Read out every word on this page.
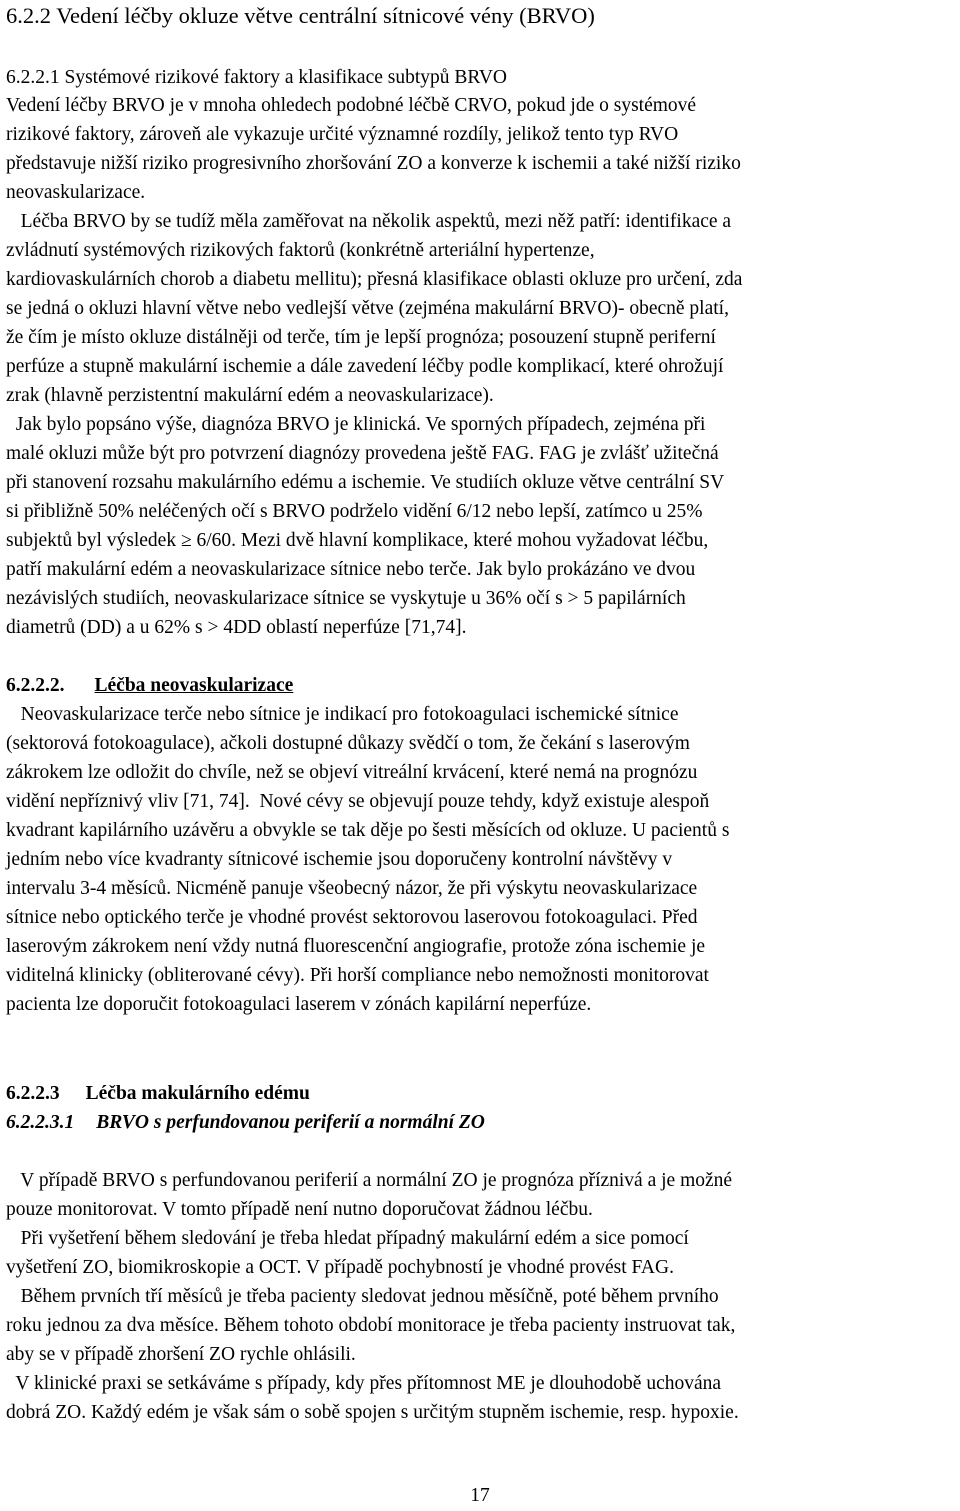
6.2.2 Vedení léčby okluze větve centrální sítnicové vény (BRVO)
6.2.2.1 Systémové rizikové faktory a klasifikace subtypů BRVO
Vedení léčby BRVO je v mnoha ohledech podobné léčbě CRVO, pokud jde o systémové
rizikové faktory, zároveň ale vykazuje určité významné rozdíly, jelikož tento typ RVO
představuje nižší riziko progresivního zhoršování ZO a konverze k ischemii a také nižší riziko
neovaskularizace.
Léčba BRVO by se tudíž měla zaměřovat na několik aspektů, mezi něž patří: identifikace a
zvládnutí systémových rizikových faktorů (konkrétně arteriální hypertenze,
kardiovaskulárních chorob a diabetu mellitu); přesná klasifikace oblasti okluze pro určení, zda
se jedná o okluzi hlavní větve nebo vedlejší větve (zejména makulární BRVO)- obecně platí,
že čím je místo okluze distálněji od terče, tím je lepší prognóza; posouzení stupně periferní
perfúze a stupně makulární ischemie a dále zavedení léčby podle komplikací, které ohrožují
zrak (hlavně perzistentní makulární edém a neovaskularizace).
Jak bylo popsáno výše, diagnóza BRVO je klinická. Ve sporných případech, zejména při
malé okluzi může být pro potvrzení diagnózy provedena ještě FAG. FAG je zvlášť užitečná
při stanovení rozsahu makulárního edému a ischemie. Ve studiích okluze větve centrální SV
si přibližně 50% neléčených očí s BRVO podrželo vidění 6/12 nebo lepší, zatímco u 25%
subjektů byl výsledek ≥ 6/60. Mezi dvě hlavní komplikace, které mohou vyžadovat léčbu,
patří makulární edém a neovaskularizace sítnice nebo terče. Jak bylo prokázáno ve dvou
nezávislých studiích, neovaskularizace sítnice se vyskytuje u 36% očí s > 5 papilárních
diametrů (DD) a u 62% s > 4DD oblastí neperfúze [71,74].
6.2.2.2. Léčba neovaskularizace
Neovaskularizace terče nebo sítnice je indikací pro fotokoagulaci ischemické sítnice
(sektorová fotokoagulace), ačkoli dostupné důkazy svědčí o tom, že čekání s laserovým
zákrokem lze odložit do chvíle, než se objeví vitreální krvácení, které nemá na prognózu
vidění nepříznivý vliv [71, 74].  Nové cévy se objevují pouze tehdy, když existuje alespoň
kvadrant kapilárního uzávěru a obvykle se tak děje po šesti měsících od okluze. U pacientů s
jedním nebo více kvadranty sítnicové ischemie jsou doporučeny kontrolní návštěvy v
intervalu 3-4 měsíců. Nicméně panuje všeobecný názor, že při výskytu neovaskularizace
sítnice nebo optického terče je vhodné provést sektorovou laserovou fotokoagulaci. Před
laserovým zákrokem není vždy nutná fluorescenční angiografie, protože zóna ischemie je
viditelná klinicky (obliterované cévy). Při horší compliance nebo nemožnosti monitorovat
pacienta lze doporučit fotokoagulaci laserem v zónách kapilární neperfúze.
6.2.2.3 Léčba makulárního edému
6.2.2.3.1 BRVO s perfundovanou periferií a normální ZO
V případě BRVO s perfundovanou periferií a normální ZO je prognóza příznivá a je možné
pouze monitorovat. V tomto případě není nutno doporučovat žádnou léčbu.
Při vyšetření během sledování je třeba hledat případný makulární edém a sice pomocí
vyšetření ZO, biomikroskopie a OCT. V případě pochybností je vhodné provést FAG.
Během prvních tří měsíců je třeba pacienty sledovat jednou měsíčně, poté během prvního
roku jednou za dva měsíce. Během tohoto období monitorace je třeba pacienty instruovat tak,
aby se v případě zhoršení ZO rychle ohlásili.
V klinické praxi se setkáváme s případy, kdy přes přítomnost ME je dlouhodobě uchována
dobrá ZO. Každý edém je však sám o sobě spojen s určitým stupněm ischemie, resp. hypoxie.
17
